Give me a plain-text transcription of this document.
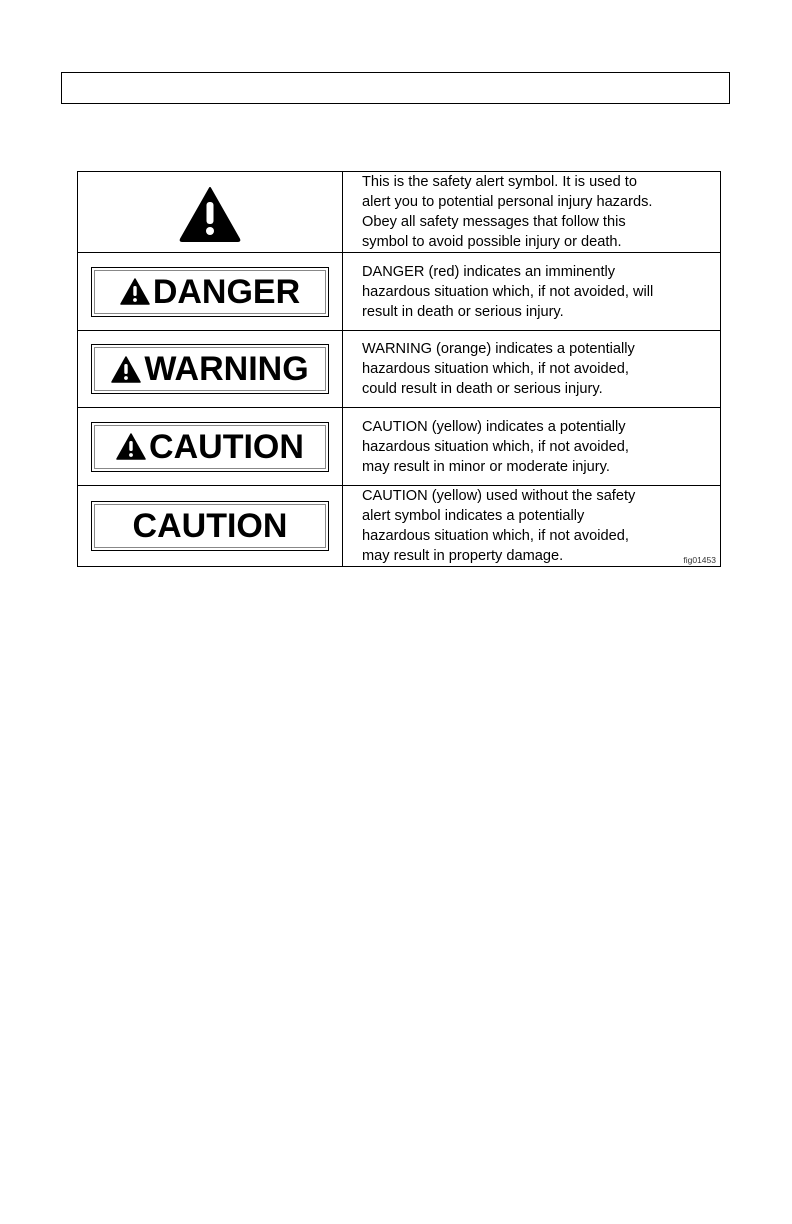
This is the safety alert symbol. It is used to
alert you to potential personal injury hazards.
Obey all safety messages that follow this
symbol to avoid possible injury or death.

DANGER	DANGER (red) indicates an imminently
hazardous situation which, if not avoided, will
result in death or serious injury.

WARNING	WARNING (orange) indicates a potentially
hazardous situation which, if not avoided,
could result in death or serious injury.

CAUTION	CAUTION (yellow) indicates a potentially
hazardous situation which, if not avoided,
may result in minor or moderate injury.

CAUTION	CAUTION (yellow) used without the safety
alert symbol indicates a potentially
hazardous situation which, if not avoided,
may result in property damage. fig01453
